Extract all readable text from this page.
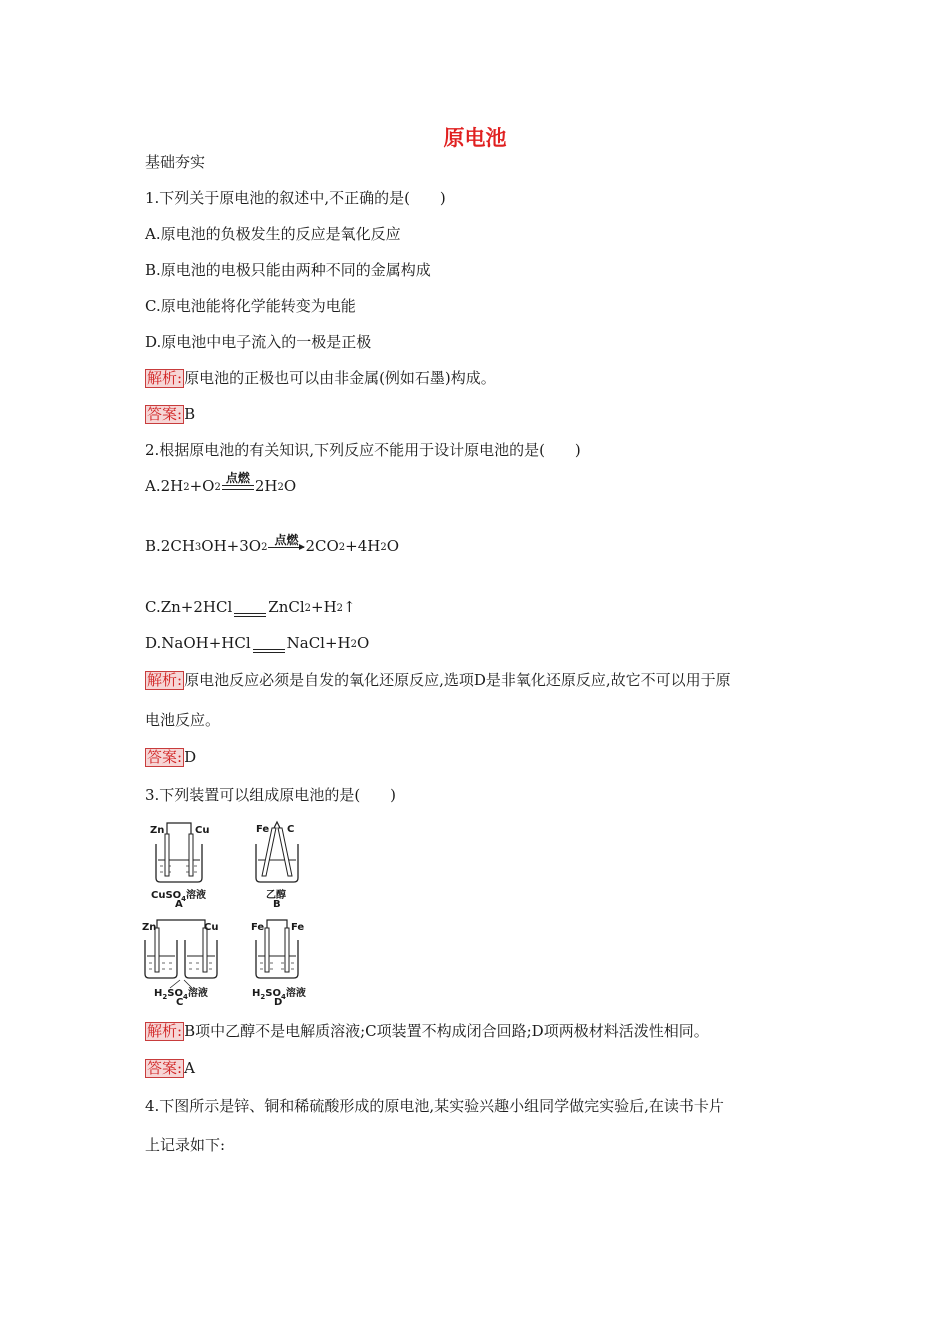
原电池
基础夯实
1.下列关于原电池的叙述中,不正确的是(　　)
A.原电池的负极发生的反应是氧化反应
B.原电池的电极只能由两种不同的金属构成
C.原电池能将化学能转变为电能
D.原电池中电子流入的一极是正极
解析: 原电池的正极也可以由非金属(例如石墨)构成。
答案: B
2.根据原电池的有关知识,下列反应不能用于设计原电池的是(　　)
A. $2H_2 +O_2$
点燃 $2H_2$ O
B. $2CH_3$ $OH+3O_2$
点燃 $2CO_2 +4H_2$ O
C. Zn+2HCl ZnCl$_2$ $+H_2$ ↑
D. NaOH+HCl $NaCl+H_2$ O
解析: 原电池反应必须是自发的氧化还原反应,选项D是非氧化还原反应,故它不可以用于原
电池反应。
答案: D
3.下列装置可以组成原电池的是(　　)
Zn	Cu
CuSO$_4$溶液
A
Fe C
乙醇
B
Zn	Cu
$H_2SO_4$溶液
C
Fe	Fe
$H_2SO_4$溶液
D
解析: B项中乙醇不是电解质溶液;C项装置不构成闭合回路;D项两极材料活泼性相同。
答案: A
4.下图所示是锌、铜和稀硫酸形成的原电池,某实验兴趣小组同学做完实验后,在读书卡片
上记录如下:
